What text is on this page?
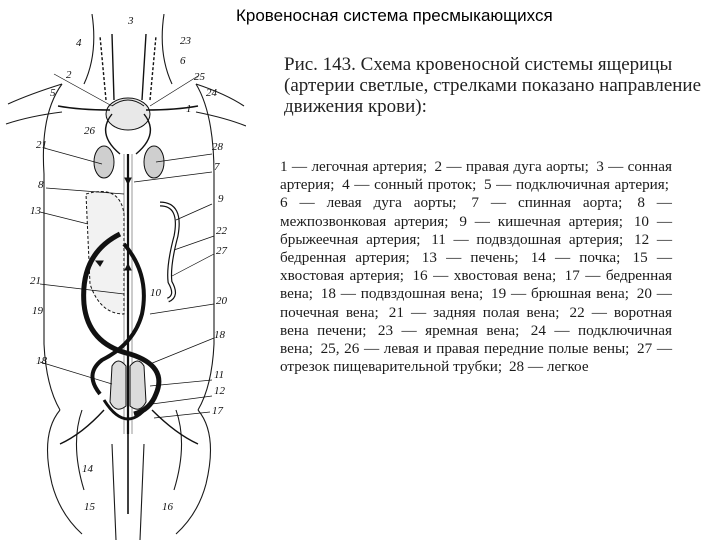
Кровеносная система пресмыкающихся
3
4	23
6
2	25
5	24
1
26
21	28
7
8
9
13
22
27
21
10
20
19
18
18
11
12
17
14
15	16
Рис. 143. Схема кровеносной системы ящерицы (артерии светлые, стрелками показано направление движения крови):
1 — легочная артерия; 2 — правая дуга аорты; 3 — сонная артерия; 4 — сонный проток; 5 — подключичная артерия; 6 — левая дуга аорты; 7 — спинная аорта; 8 — межпозвонковая артерия; 9 — кишечная артерия; 10 — брыжеечная артерия; 11 — подвздошная артерия; 12 — бедренная артерия; 13 — печень; 14 — почка; 15 — хвостовая артерия; 16 — хвостовая вена; 17 — бедренная вена; 18 — подвздошная вена; 19 — брюшная вена; 20 — почечная вена; 21 — задняя полая вена; 22 — воротная вена печени; 23 — яремная вена; 24 — подключичная вена; 25, 26 — левая и правая передние полые вены; 27 — отрезок пищеварительной трубки; 28 — легкое
